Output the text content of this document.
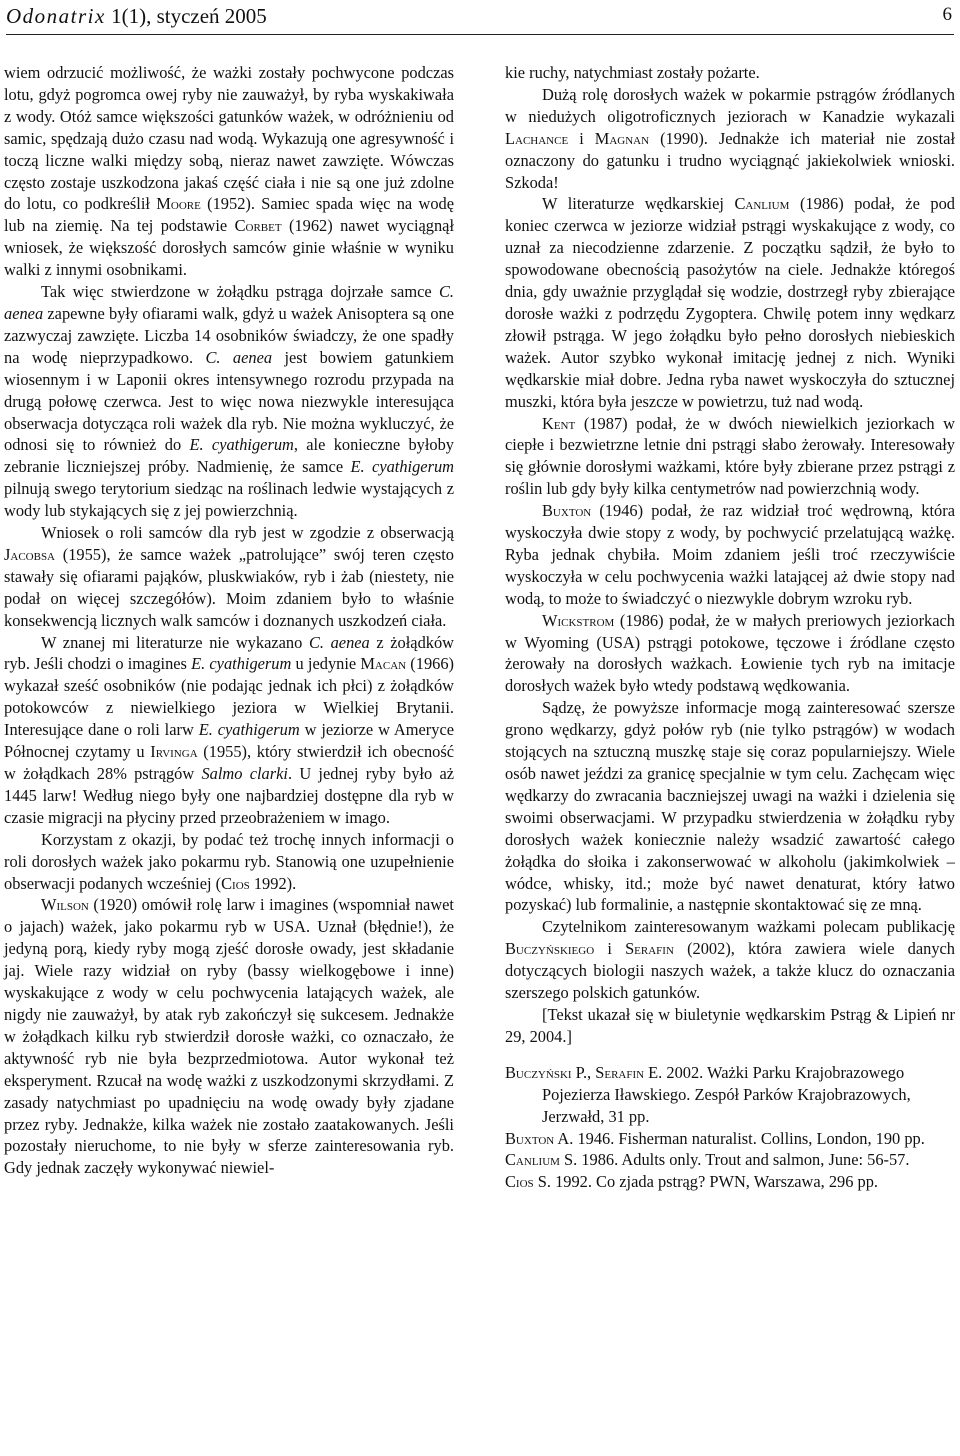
Odonatrix 1(1), styczeń 2005	6

wiem odrzucić możliwość, że ważki zostały pochwycone podczas lotu, gdyż pogromca owej ryby nie zauważył, by ryba wyskakiwała z wody. Otóż samce większości gatunków ważek, w odróżnieniu od samic, spędzają dużo czasu nad wodą. Wykazują one agresywność i toczą liczne walki między sobą, nieraz nawet zawzięte. Wówczas często zostaje uszkodzona jakaś część ciała i nie są one już zdolne do lotu, co podkreślił Moore (1952). Samiec spada więc na wodę lub na ziemię. Na tej podstawie Corbet (1962) nawet wyciągnął wniosek, że większość dorosłych samców ginie właśnie w wyniku walki z innymi osobnikami.

Tak więc stwierdzone w żołądku pstrąga dojrzałe samce C. aenea zapewne były ofiarami walk, gdyż u ważek Anisoptera są one zazwyczaj zawzięte. Liczba 14 osobników świadczy, że one spadły na wodę nieprzypadkowo. C. aenea jest bowiem gatunkiem wiosennym i w Laponii okres intensywnego rozrodu przypada na drugą połowę czerwca. Jest to więc nowa niezwykle interesująca obserwacja dotycząca roli ważek dla ryb. Nie można wykluczyć, że odnosi się to również do E. cyathigerum, ale konieczne byłoby zebranie liczniejszej próby. Nadmienię, że samce E. cyathigerum pilnują swego terytorium siedząc na roślinach ledwie wystających z wody lub stykających się z jej powierzchnią.

Wniosek o roli samców dla ryb jest w zgodzie z obserwacją Jacobsa (1955), że samce ważek „patrolujące” swój teren często stawały się ofiarami pająków, pluskwiaków, ryb i żab (niestety, nie podał on więcej szczegółów). Moim zdaniem było to właśnie konsekwencją licznych walk samców i doznanych uszkodzeń ciała.

W znanej mi literaturze nie wykazano C. aenea z żołądków ryb. Jeśli chodzi o imagines E. cyathigerum u jedynie Macan (1966) wykazał sześć osobników (nie podając jednak ich płci) z żołądków potokowców z niewielkiego jeziora w Wielkiej Brytanii. Interesujące dane o roli larw E. cyathigerum w jeziorze w Ameryce Północnej czytamy u Irvinga (1955), który stwierdził ich obecność w żołądkach 28% pstrągów Salmo clarki. U jednej ryby było aż 1445 larw! Według niego były one najbardziej dostępne dla ryb w czasie migracji na płyciny przed przeobrażeniem w imago.

Korzystam z okazji, by podać też trochę innych informacji o roli dorosłych ważek jako pokarmu ryb. Stanowią one uzupełnienie obserwacji podanych wcześniej (Cios 1992).

Wilson (1920) omówił rolę larw i imagines (wspomniał nawet o jajach) ważek, jako pokarmu ryb w USA. Uznał (błędnie!), że jedyną porą, kiedy ryby mogą zjeść dorosłe owady, jest składanie jaj. Wiele razy widział on ryby (bassy wielkogębowe i inne) wyskakujące z wody w celu pochwycenia latających ważek, ale nigdy nie zauważył, by atak ryb zakończył się sukcesem. Jednakże w żołądkach kilku ryb stwierdził dorosłe ważki, co oznaczało, że aktywność ryb nie była bezprzedmiotowa. Autor wykonał też eksperyment. Rzucał na wodę ważki z uszkodzonymi skrzydłami. Z zasady natychmiast po upadnięciu na wodę owady były zjadane przez ryby. Jednakże, kilka ważek nie zostało zaatakowanych. Jeśli pozostały nieruchome, to nie były w sferze zainteresowania ryb. Gdy jednak zaczęły wykonywać niewiel-

kie ruchy, natychmiast zostały pożarte.

Dużą rolę dorosłych ważek w pokarmie pstrągów źródlanych w niedużych oligotroficznych jeziorach w Kanadzie wykazali Lachance i Magnan (1990). Jednakże ich materiał nie został oznaczony do gatunku i trudno wyciągnąć jakiekolwiek wnioski. Szkoda!

W literaturze wędkarskiej Canlium (1986) podał, że pod koniec czerwca w jeziorze widział pstrągi wyskakujące z wody, co uznał za niecodzienne zdarzenie. Z początku sądził, że było to spowodowane obecnością pasożytów na ciele. Jednakże któregoś dnia, gdy uważnie przyglądał się wodzie, dostrzegł ryby zbierające dorosłe ważki z podrzędu Zygoptera. Chwilę potem inny wędkarz złowił pstrąga. W jego żołądku było pełno dorosłych niebieskich ważek. Autor szybko wykonał imitację jednej z nich. Wyniki wędkarskie miał dobre. Jedna ryba nawet wyskoczyła do sztucznej muszki, która była jeszcze w powietrzu, tuż nad wodą.

Kent (1987) podał, że w dwóch niewielkich jeziorkach w ciepłe i bezwietrzne letnie dni pstrągi słabo żerowały. Interesowały się głównie dorosłymi ważkami, które były zbierane przez pstrągi z roślin lub gdy były kilka centymetrów nad powierzchnią wody.

Buxton (1946) podał, że raz widział troć wędrowną, która wyskoczyła dwie stopy z wody, by pochwycić przelatującą ważkę. Ryba jednak chybiła. Moim zdaniem jeśli troć rzeczywiście wyskoczyła w celu pochwycenia ważki latającej aż dwie stopy nad wodą, to może to świadczyć o niezwykle dobrym wzroku ryb.

Wickstrom (1986) podał, że w małych preriowych jeziorkach w Wyoming (USA) pstrągi potokowe, tęczowe i źródlane często żerowały na dorosłych ważkach. Łowienie tych ryb na imitacje dorosłych ważek było wtedy podstawą wędkowania.

Sądzę, że powyższe informacje mogą zainteresować szersze grono wędkarzy, gdyż połów ryb (nie tylko pstrągów) w wodach stojących na sztuczną muszkę staje się coraz popularniejszy. Wiele osób nawet jeździ za granicę specjalnie w tym celu. Zachęcam więc wędkarzy do zwracania baczniejszej uwagi na ważki i dzielenia się swoimi obserwacjami. W przypadku stwierdzenia w żołądku ryby dorosłych ważek koniecznie należy wsadzić zawartość całego żołądka do słoika i zakonserwować w alkoholu (jakimkolwiek – wódce, whisky, itd.; może być nawet denaturat, który łatwo pozyskać) lub formalinie, a następnie skontaktować się ze mną.

Czytelnikom zainteresowanym ważkami polecam publikację Buczyńskiego i Serafin (2002), która zawiera wiele danych dotyczących biologii naszych ważek, a także klucz do oznaczania szerszego polskich gatunków.

[Tekst ukazał się w biuletynie wędkarskim Pstrąg & Lipień nr 29, 2004.]

Buczyński P., Serafin E. 2002. Ważki Parku Krajobrazowego Pojezierza Iławskiego. Zespół Parków Krajobrazowych, Jerzwałd, 31 pp.

Buxton A. 1946. Fisherman naturalist. Collins, London, 190 pp.

Canlium S. 1986. Adults only. Trout and salmon, June: 56-57.

Cios S. 1992. Co zjada pstrąg? PWN, Warszawa, 296 pp.
